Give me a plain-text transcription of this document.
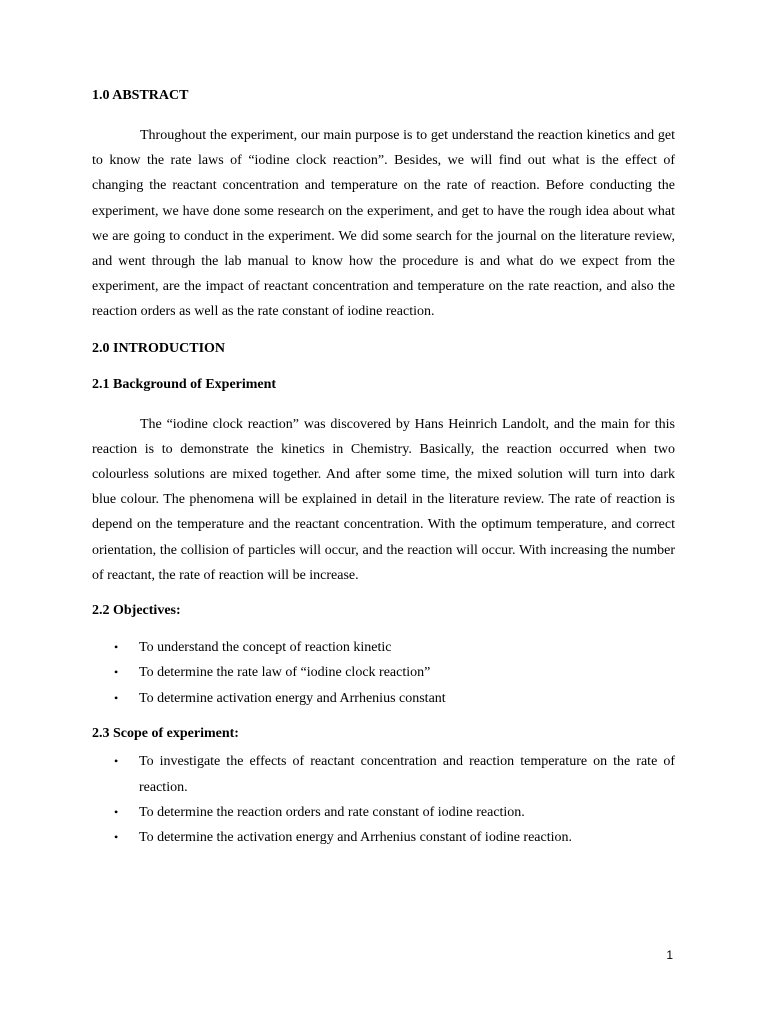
1.0 ABSTRACT

Throughout the experiment, our main purpose is to get understand the reaction kinetics and get to know the rate laws of “iodine clock reaction”. Besides, we will find out what is the effect of changing the reactant concentration and temperature on the rate of reaction. Before conducting the experiment, we have done some research on the experiment, and get to have the rough idea about what we are going to conduct in the experiment. We did some search for the journal on the literature review, and went through the lab manual to know how the procedure is and what do we expect from the experiment, are the impact of reactant concentration and temperature on the rate reaction, and also the reaction orders as well as the rate constant of iodine reaction.

2.0 INTRODUCTION
2.1 Background of Experiment

The “iodine clock reaction” was discovered by Hans Heinrich Landolt, and the main for this reaction is to demonstrate the kinetics in Chemistry. Basically, the reaction occurred when two colourless solutions are mixed together. And after some time, the mixed solution will turn into dark blue colour. The phenomena will be explained in detail in the literature review. The rate of reaction is depend on the temperature and the reactant concentration. With the optimum temperature, and correct orientation, the collision of particles will occur, and the reaction will occur. With increasing the number of reactant, the rate of reaction will be increase.

2.2 Objectives:
• To understand the concept of reaction kinetic
• To determine the rate law of “iodine clock reaction”
• To determine activation energy and Arrhenius constant
2.3 Scope of experiment:
• To investigate the effects of reactant concentration and reaction temperature on the rate of reaction.
• To determine the reaction orders and rate constant of iodine reaction.
• To determine the activation energy and Arrhenius constant of iodine reaction.
1
